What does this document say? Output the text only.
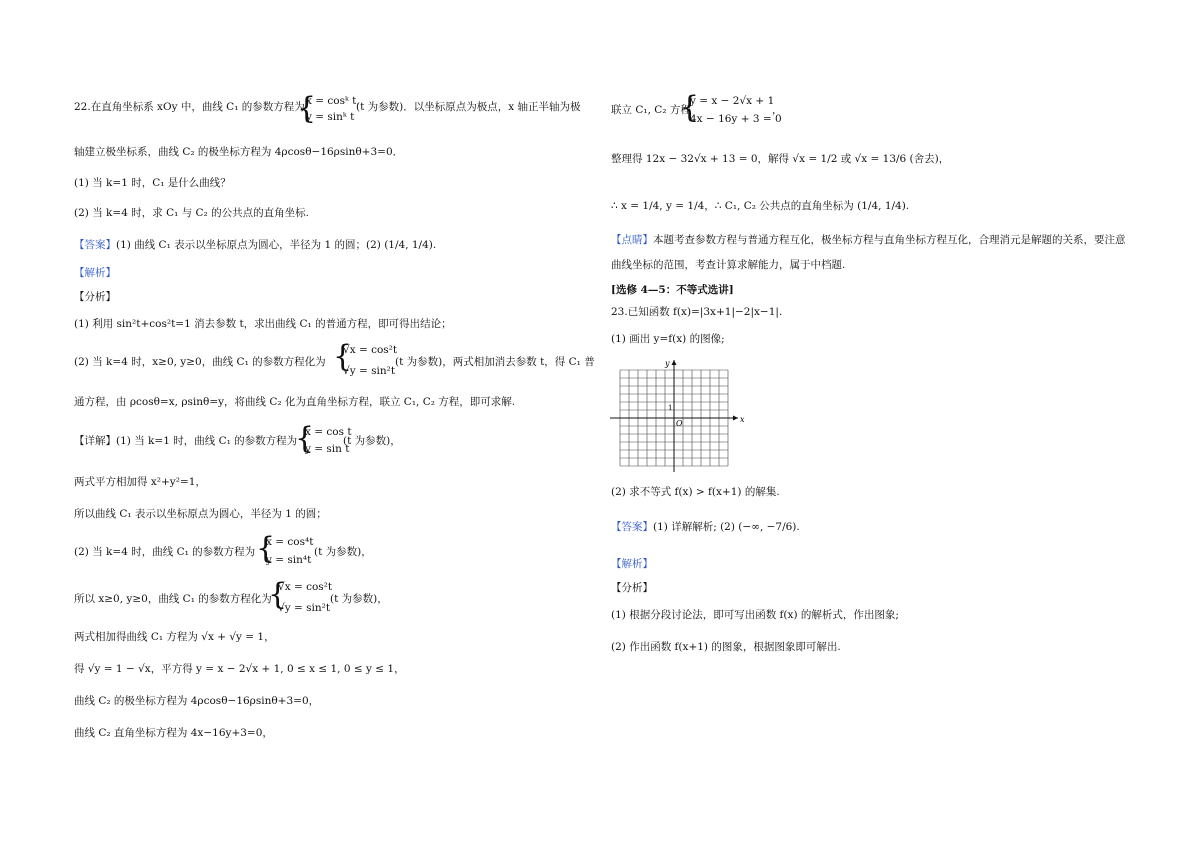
22.在直角坐标系 xOy 中，曲线 C₁ 的参数方程为
{
x = cosᵏ t,
y = sinᵏ t
(t 为参数)．以坐标原点为极点，x 轴正半轴为极
轴建立极坐标系，曲线 C₂ 的极坐标方程为 4ρcosθ−16ρsinθ+3=0．
(1) 当 k=1 时，C₁ 是什么曲线？
(2) 当 k=4 时，求 C₁ 与 C₂ 的公共点的直角坐标.
【答案】(1) 曲线 C₁ 表示以坐标原点为圆心，半径为 1 的圆；(2) (1/4, 1/4).
【解析】
【分析】
(1) 利用 sin²t+cos²t=1 消去参数 t，求出曲线 C₁ 的普通方程，即可得出结论；
(2) 当 k=4 时，x≥0, y≥0，曲线 C₁ 的参数方程化为 {
√x = cos²t
√y = sin²t
(t 为参数)，两式相加消去参数 t，得 C₁ 普
通方程，由 ρcosθ=x, ρsinθ=y，将曲线 C₂ 化为直角坐标方程，联立 C₁, C₂ 方程，即可求解.
【详解】(1) 当 k=1 时，曲线 C₁ 的参数方程为
{
x = cos t
y = sin t
(t 为参数)，
两式平方相加得 x²+y²=1，
所以曲线 C₁ 表示以坐标原点为圆心，半径为 1 的圆；
(2) 当 k=4 时，曲线 C₁ 的参数方程为 {
x = cos⁴t
y = sin⁴t
(t 为参数)，
所以 x≥0, y≥0，曲线 C₁ 的参数方程化为
{
√x = cos²t
√y = sin²t
(t 为参数)，
两式相加得曲线 C₁ 方程为 √x + √y = 1，
得 √y = 1 − √x，平方得 y = x − 2√x + 1, 0 ≤ x ≤ 1, 0 ≤ y ≤ 1，
曲线 C₂ 的极坐标方程为 4ρcosθ−16ρsinθ+3=0，
曲线 C₂ 直角坐标方程为 4x−16y+3=0，
联立 C₁, C₂ 方程
{
y = x − 2√x + 1
4x − 16y + 3 = 0
，
整理得 12x − 32√x + 13 = 0，解得 √x = 1/2 或 √x = 13/6 (舍去)，
∴ x = 1/4, y = 1/4，∴ C₁, C₂ 公共点的直角坐标为 (1/4, 1/4).
【点睛】本题考查参数方程与普通方程互化，极坐标方程与直角坐标方程互化，合理消元是解题的关系，要注意
曲线坐标的范围，考查计算求解能力，属于中档题.
[选修 4—5：不等式选讲]
23.已知函数 f(x)=|3x+1|−2|x−1|.
(1) 画出 y=f(x) 的图像;
x
y
O
1
(2) 求不等式 f(x) > f(x+1) 的解集.
【答案】(1) 详解解析; (2) (−∞, −7/6).
【解析】
【分析】
(1) 根据分段讨论法，即可写出函数 f(x) 的解析式，作出图象;
(2) 作出函数 f(x+1) 的图象，根据图象即可解出.
